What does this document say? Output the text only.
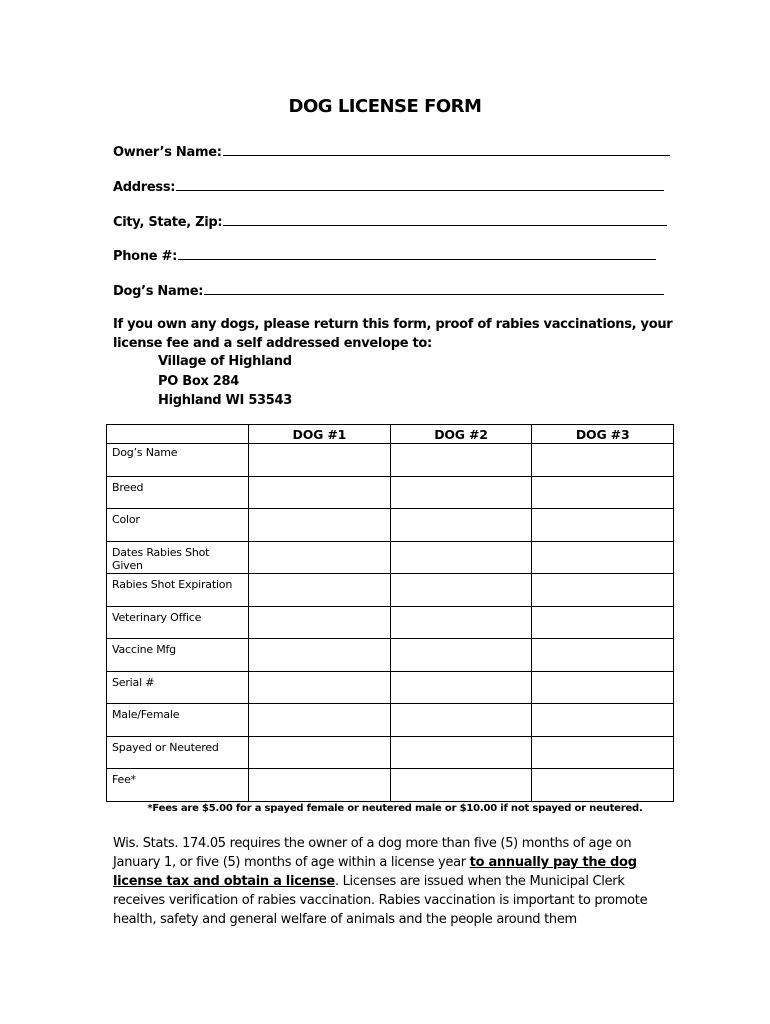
DOG LICENSE FORM
Owner’s Name:
Address:
City, State, Zip:
Phone #:
Dog’s Name:
If you own any dogs, please return this form, proof of rabies vaccinations, your license fee and a self addressed envelope to:
Village of Highland
PO Box 284
Highland WI 53543
	DOG #1	DOG #2	DOG #3
Dog’s Name			
Breed			
Color			
Dates Rabies Shot Given			
Rabies Shot Expiration			
Veterinary Office			
Vaccine Mfg			
Serial #			
Male/Female			
Spayed or Neutered			
Fee*			
*Fees are $5.00 for a spayed female or neutered male or $10.00 if not spayed or neutered.
Wis. Stats. 174.05 requires the owner of a dog more than five (5) months of age on January 1, or five (5) months of age within a license year to annually pay the dog license tax and obtain a license. Licenses are issued when the Municipal Clerk receives verification of rabies vaccination. Rabies vaccination is important to promote health, safety and general welfare of animals and the people around them
